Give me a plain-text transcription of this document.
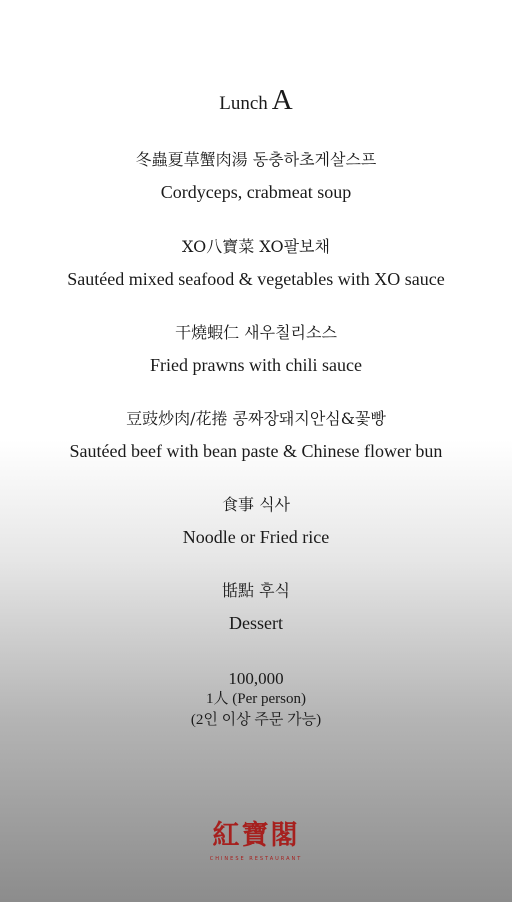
Lunch A
冬蟲夏草蟹肉湯 동충하초게살스프
Cordyceps, crabmeat soup
XO八寶菜 XO팔보채
Sautéed mixed seafood & vegetables with XO sauce
干燒蝦仁 새우칠리소스
Fried prawns with chili sauce
豆豉炒肉/花捲 콩짜장돼지안심&꽃빵
Sautéed beef with bean paste & Chinese flower bun
食事 식사
Noodle or Fried rice
甛點 후식
Dessert
100,000
1人 (Per person)
(2인 이상 주문 가능)
紅寶閣
CHINESE RESTAURANT
